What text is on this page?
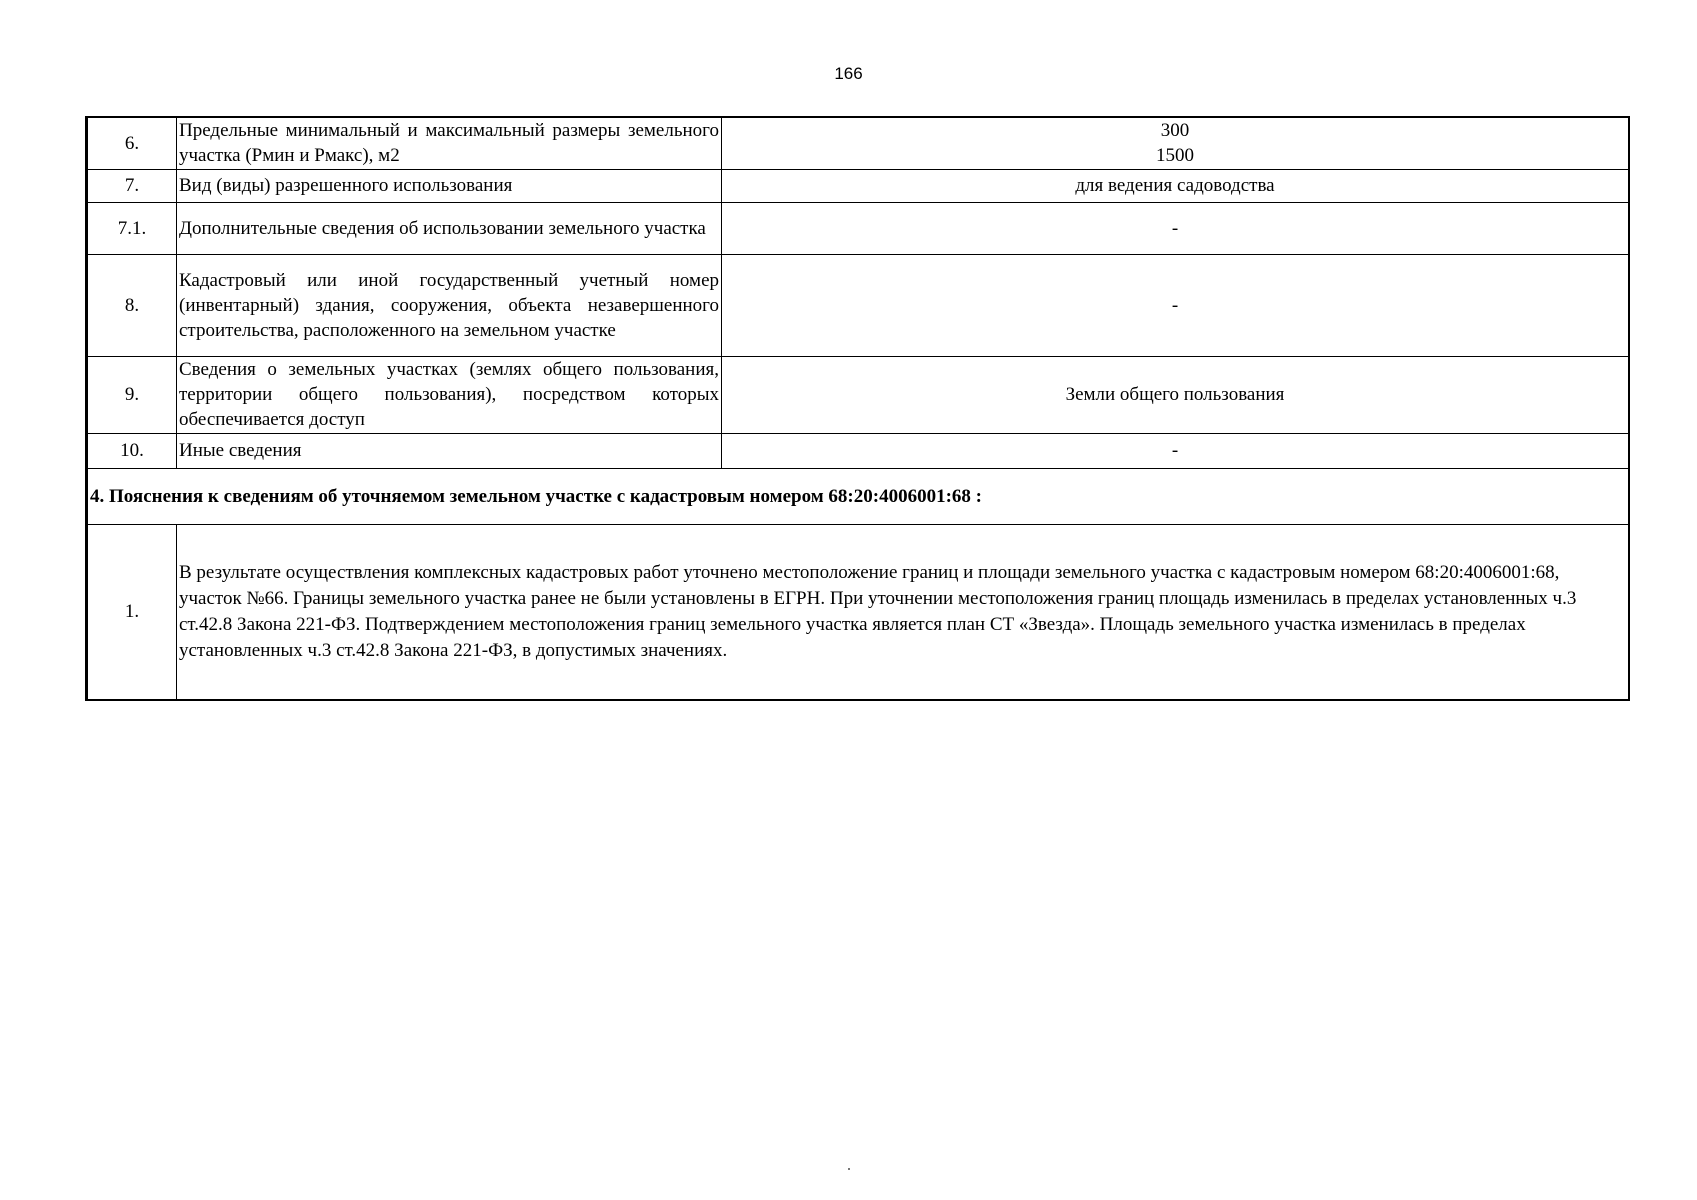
166
6.	Предельные минимальный и максимальный размеры земельного участка (Рмин и Рмакс), м2	300
1500

7.	Вид (виды) разрешенного использования	для ведения садоводства
7.1.	Дополнительные сведения об использовании земельного участка	-
8.	Кадастровый или иной государственный учетный номер (инвентарный) здания, сооружения, объекта незавершенного строительства, расположенного на земельном участке	-
9.	Сведения о земельных участках (землях общего пользования, территории общего пользования), посредством которых обеспечивается доступ	Земли общего пользования
10.	Иные сведения	-
4. Пояснения к сведениям об уточняемом земельном участке с кадастровым номером 68:20:4006001:68 :		
1.	В результате осуществления комплексных кадастровых работ уточнено местоположение границ и площади земельного участка с кадастровым номером 68:20:4006001:68, участок №66. Границы земельного участка ранее не были установлены в ЕГРН. При уточнении местоположения границ площадь изменилась в пределах установленных ч.3 ст.42.8 Закона 221-ФЗ. Подтверждением местоположения границ земельного участка является план СТ «Звезда». Площадь земельного участка изменилась в пределах установленных ч.3 ст.42.8 Закона 221-ФЗ, в допустимых значениях.	
